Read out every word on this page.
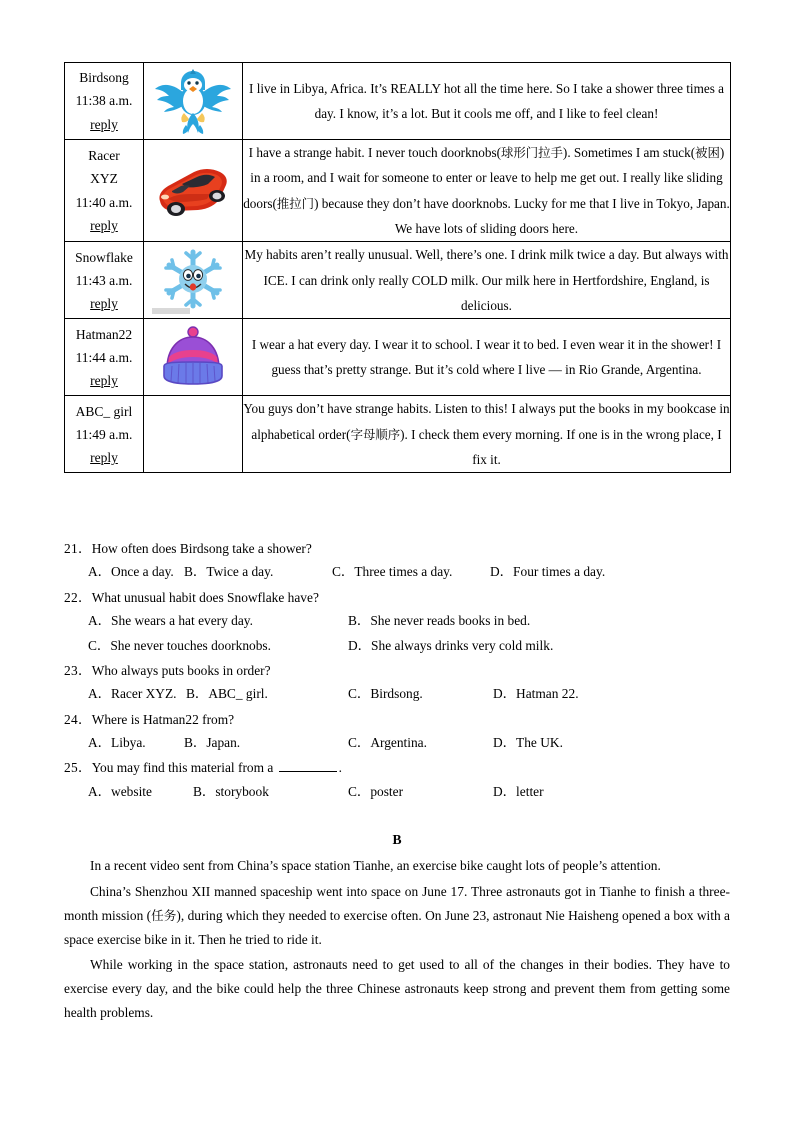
Birdsong
11:38 a.m.
reply		I live in Libya, Africa. It’s REALLY hot all the time here. So I take a shower three times a day. I know, it’s a lot. But it cools me off, and I like to feel clean!

Racer
XYZ
11:40 a.m.
reply	
	I have a strange habit. I never touch doorknobs(球形门拉手). Sometimes I am stuck(被困) in a room, and I wait for someone to enter or leave to help me get out. I really like sliding doors(推拉门) because they don’t have doorknobs. Lucky for me that I live in Tokyo, Japan. We have lots of sliding doors here.

Snowflake
11:43 a.m.
reply		My habits aren’t really unusual. Well, there’s one. I drink milk twice a day. But always with ICE. I can drink only really COLD milk. Our milk here in Hertfordshire, England, is delicious.

Hatman22
11:44 a.m.
reply		I wear a hat every day. I wear it to school. I wear it to bed. I even wear it in the shower! I guess that’s pretty strange. But it’s cold where I live — in Rio Grande, Argentina.

ABC_ girl
11:49 a.m.
reply		You guys don’t have strange habits. Listen to this! I always put the books in my bookcase in alphabetical order(字母顺序). I check them every morning. If one is in the wrong place, I fix it.
21．How often does Birdsong take a shower?
A．Once a day. B．Twice a day.	C．Three times a day.	D．Four times a day.
22．What unusual habit does Snowflake have?
A．She wears a hat every day.	B．She never reads books in bed.
C．She never touches doorknobs.	D．She always drinks very cold milk.
23．Who always puts books in order?
A．Racer XYZ. B．ABC_ girl.	C．Birdsong.	D．Hatman 22.
24．Where is Hatman22 from?
A．Libya.	B．Japan.	C．Argentina.	D．The UK.
25．You may find this material from a	.
A．website	B．storybook	C．poster	D．letter
B

In a recent video sent from China’s space station Tianhe, an exercise bike caught lots of people’s attention.

China’s Shenzhou XII manned spaceship went into space on June 17. Three astronauts got in Tianhe to finish a three-month mission (任务), during which they needed to exercise often. On June 23, astronaut Nie Haisheng opened a box with a space exercise bike in it. Then he tried to ride it.

While working in the space station, astronauts need to get used to all of the changes in their bodies. They have to exercise every day, and the bike could help the three Chinese astronauts keep strong and prevent them from getting some health problems.
